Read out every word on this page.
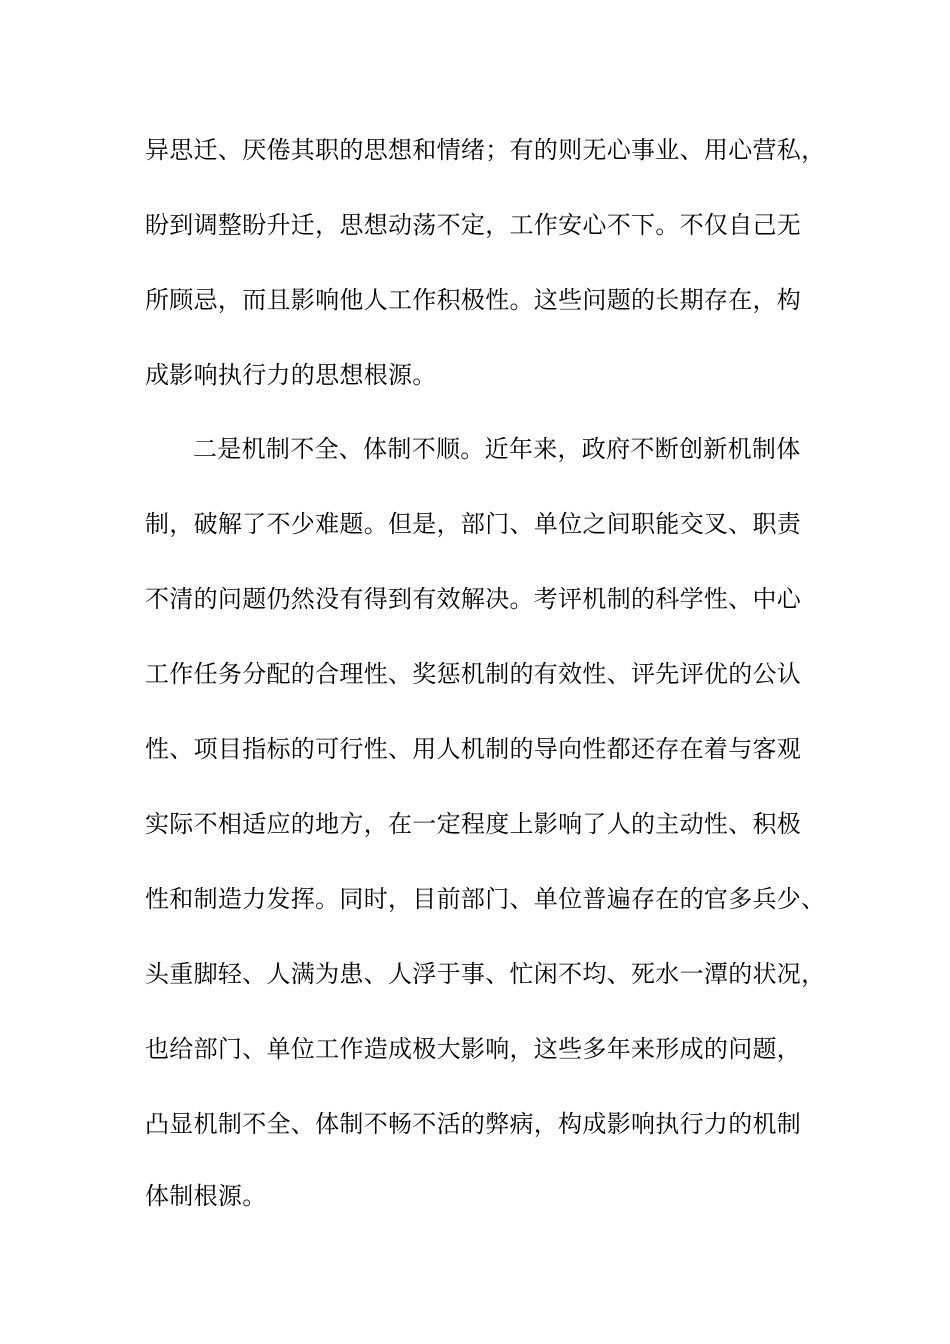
异思迁、厌倦其职的思想和情绪；有的则无心事业、用心营私，

盼到调整盼升迁，思想动荡不定，工作安心不下。不仅自己无

所顾忌，而且影响他人工作积极性。这些问题的长期存在，构

成影响执行力的思想根源。

二是机制不全、体制不顺。近年来，政府不断创新机制体

制，破解了不少难题。但是，部门、单位之间职能交叉、职责

不清的问题仍然没有得到有效解决。考评机制的科学性、中心

工作任务分配的合理性、奖惩机制的有效性、评先评优的公认

性、项目指标的可行性、用人机制的导向性都还存在着与客观

实际不相适应的地方，在一定程度上影响了人的主动性、积极

性和制造力发挥。同时，目前部门、单位普遍存在的官多兵少、

头重脚轻、人满为患、人浮于事、忙闲不均、死水一潭的状况，

也给部门、单位工作造成极大影响，这些多年来形成的问题，

凸显机制不全、体制不畅不活的弊病，构成影响执行力的机制

体制根源。
